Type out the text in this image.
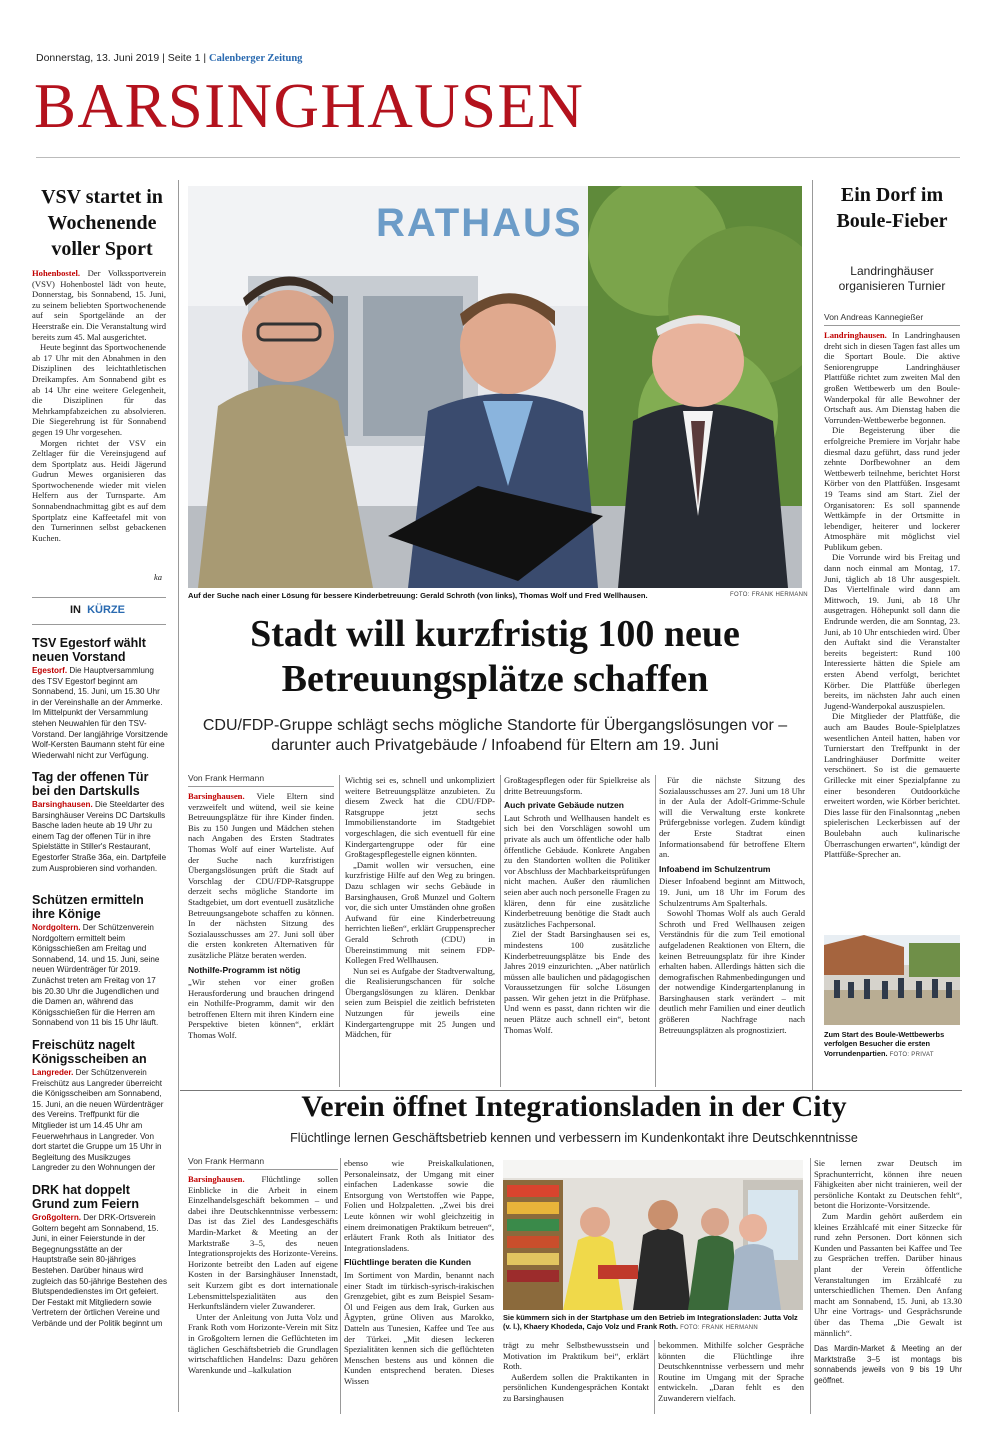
Donnerstag, 13. Juni 2019 | Seite 1 | Calenberger Zeitung
BARSINGHAUSEN
VSV startet in Wochenende voller Sport
Hohenbostel. Der Volkssportverein (VSV) Hohenbostel lädt von heute, Donnerstag, bis Sonnabend, 15. Juni, zu seinem beliebten Sportwochenende auf sein Sportgelände an der Heerstraße ein. Die Veranstaltung wird bereits zum 45. Mal ausgerichtet.
Heute beginnt das Sportwochenende ab 17 Uhr mit den Abnahmen in den Disziplinen des leichtathletischen Dreikampfes. Am Sonnabend gibt es ab 14 Uhr eine weitere Gelegenheit, die Disziplinen für das Mehrkampfabzeichen zu absolvieren. Die Siegerehrung ist für Sonnabend gegen 19 Uhr vorgesehen.
Morgen richtet der VSV ein Zeltlager für die Vereinsjugend auf dem Sportplatz aus. Heidi Jägerund Gudrun Mewes organisieren das Sportwochenende wieder mit vielen Helfern aus der Turnsparte. Am Sonnabendnachmittag gibt es auf dem Sportplatz eine Kaffeetafel mit von den Turnerinnen selbst gebackenen Kuchen.
ka
IN KÜRZE
TSV Egestorf wählt neuen Vorstand
Egestorf. Die Hauptversammlung des TSV Egestorf beginnt am Sonnabend, 15. Juni, um 15.30 Uhr in der Vereinshalle an der Ammerke. Im Mittelpunkt der Versammlung stehen Neuwahlen für den TSV-Vorstand. Der langjährige Vorsitzende Wolf-Kersten Baumann steht für eine Wiederwahl nicht zur Verfügung.
Tag der offenen Tür bei den Dartskulls
Barsinghausen. Die Steeldarter des Barsinghäuser Vereins DC Dartskulls Basche laden heute ab 19 Uhr zu einem Tag der offenen Tür in ihre Spielstätte in Stiller's Restaurant, Egestorfer Straße 36a, ein. Dartpfeile zum Ausprobieren sind vorhanden.
Schützen ermitteln ihre Könige
Nordgoltern. Der Schützenverein Nordgoltern ermittelt beim Königsschießen am Freitag und Sonnabend, 14. und 15. Juni, seine neuen Würdenträger für 2019. Zunächst treten am Freitag von 17 bis 20.30 Uhr die Jugendlichen und die Damen an, während das Königsschießen für die Herren am Sonnabend von 11 bis 15 Uhr läuft.
Freischütz nagelt Königsscheiben an
Langreder. Der Schützenverein Freischütz aus Langreder überreicht die Königsscheiben am Sonnabend, 15. Juni, an die neuen Würdenträger des Vereins. Treffpunkt für die Mitglieder ist um 14.45 Uhr am Feuerwehrhaus in Langreder. Von dort startet die Gruppe um 15 Uhr in Begleitung des Musikzuges Langreder zu den Wohnungen der
DRK hat doppelt Grund zum Feiern
Großgoltern. Der DRK-Ortsverein Goltern begeht am Sonnabend, 15. Juni, in einer Feierstunde in der Begegnungsstätte an der Hauptstraße sein 80-jähriges Bestehen. Darüber hinaus wird zugleich das 50-jährige Bestehen des Blutspendedienstes im Ort gefeiert. Der Festakt mit Mitgliedern sowie Vertretern der örtlichen Vereine und Verbände und der Politik beginnt um
RATHAUS
Auf der Suche nach einer Lösung für bessere Kinderbetreuung: Gerald Schroth (von links), Thomas Wolf und Fred Wellhausen.	FOTO: FRANK HERMANN
Stadt will kurzfristig 100 neue Betreuungsplätze schaffen
CDU/FDP-Gruppe schlägt sechs mögliche Standorte für Übergangslösungen vor – darunter auch Privatgebäude / Infoabend für Eltern am 19. Juni
Von Frank Hermann
Barsinghausen. Viele Eltern sind verzweifelt und wütend, weil sie keine Betreuungsplätze für ihre Kinder finden. Bis zu 150 Jungen und Mädchen stehen nach Angaben des Ersten Stadtrates Thomas Wolf auf einer Warteliste. Auf der Suche nach kurzfristigen Übergangslösungen prüft die Stadt auf Vorschlag der CDU/FDP-Ratsgruppe derzeit sechs mögliche Standorte im Stadtgebiet, um dort eventuell zusätzliche Betreuungsangebote schaffen zu können. In der nächsten Sitzung des Sozialausschusses am 27. Juni soll über die ersten konkreten Alternativen für zusätzliche Plätze beraten werden.
Nothilfe-Programm ist nötig
„Wir stehen vor einer großen Herausforderung und brauchen dringend ein Nothilfe-Programm, damit wir den betroffenen Eltern mit ihren Kindern eine Perspektive bieten können“, erklärt Thomas Wolf.
Wichtig sei es, schnell und unkompliziert weitere Betreuungsplätze anzubieten. Zu diesem Zweck hat die CDU/FDP-Ratsgruppe jetzt sechs Immobilienstandorte im Stadtgebiet vorgeschlagen, die sich eventuell für eine Kindergartengruppe oder für eine Großtagespflegestelle eignen könnten.
„Damit wollen wir versuchen, eine kurzfristige Hilfe auf den Weg zu bringen. Dazu schlagen wir sechs Gebäude in Barsinghausen, Groß Munzel und Goltern vor, die sich unter Umständen ohne großen Aufwand für eine Kinderbetreuung herrichten ließen“, erklärt Gruppensprecher Gerald Schroth (CDU) in Übereinstimmung mit seinem FDP-Kollegen Fred Wellhausen.
Nun sei es Aufgabe der Stadtverwaltung, die Realisierungschancen für solche Übergangslösungen zu klären. Denkbar seien zum Beispiel die zeitlich befristeten Nutzungen für jeweils eine Kindergartengruppe mit 25 Jungen und Mädchen, für
Großtagespflegen oder für Spielkreise als dritte Betreuungsform.
Auch private Gebäude nutzen
Laut Schroth und Wellhausen handelt es sich bei den Vorschlägen sowohl um private als auch um öffentliche oder halb öffentliche Gebäude. Konkrete Angaben zu den Standorten wollten die Politiker vor Abschluss der Machbarkeitsprüfungen nicht machen. Außer den räumlichen seien aber auch noch personelle Fragen zu klären, denn für eine zusätzliche Kinderbetreuung benötige die Stadt auch zusätzliches Fachpersonal.
Ziel der Stadt Barsinghausen sei es, mindestens 100 zusätzliche Kinderbetreuungsplätze bis Ende des Jahres 2019 einzurichten. „Aber natürlich müssen alle baulichen und pädagogischen Voraussetzungen für solche Lösungen passen. Wir gehen jetzt in die Prüfphase. Und wenn es passt, dann richten wir die neuen Plätze auch schnell ein“, betont Thomas Wolf.
Für die nächste Sitzung des Sozialausschusses am 27. Juni um 18 Uhr in der Aula der Adolf-Grimme-Schule will die Verwaltung erste konkrete Prüfergebnisse vorlegen. Zudem kündigt der Erste Stadtrat einen Informationsabend für betroffene Eltern an.
Infoabend im Schulzentrum
Dieser Infoabend beginnt am Mittwoch, 19. Juni, um 18 Uhr im Forum des Schulzentrums Am Spalterhals.
Sowohl Thomas Wolf als auch Gerald Schroth und Fred Wellhausen zeigen Verständnis für die zum Teil emotional aufgeladenen Reaktionen von Eltern, die keinen Betreuungsplatz für ihre Kinder erhalten haben. Allerdings hätten sich die demografischen Rahmenbedingungen und der notwendige Kindergartenplanung in Barsinghausen stark verändert – mit deutlich mehr Familien und einer deutlich größeren Nachfrage nach Betreuungsplätzen als prognostiziert.
Ein Dorf im Boule-Fieber
Landringhäuser organisieren Turnier
Von Andreas Kannegießer
Landringhausen. In Landringhausen dreht sich in diesen Tagen fast alles um die Sportart Boule. Die aktive Seniorengruppe Landringhäuser Plattfüße richtet zum zweiten Mal den großen Wettbewerb um den Boule-Wanderpokal für alle Bewohner der Ortschaft aus. Am Dienstag haben die Vorrunden-Wettbewerbe begonnen.
Die Begeisterung über die erfolgreiche Premiere im Vorjahr habe diesmal dazu geführt, dass rund jeder zehnte Dorfbewohner an dem Wettbewerb teilnehme, berichtet Horst Körber von den Plattfüßen. Insgesamt 19 Teams sind am Start. Ziel der Organisatoren: Es soll spannende Wettkämpfe in der Ortsmitte in lebendiger, heiterer und lockerer Atmosphäre mit möglichst viel Publikum geben.
Die Vorrunde wird bis Freitag und dann noch einmal am Montag, 17. Juni, täglich ab 18 Uhr ausgespielt. Das Viertelfinale wird dann am Mittwoch, 19. Juni, ab 18 Uhr ausgetragen. Höhepunkt soll dann die Endrunde werden, die am Sonntag, 23. Juni, ab 10 Uhr entschieden wird. Über den Auftakt sind die Veranstalter bereits begeistert: Rund 100 Interessierte hätten die Spiele am ersten Abend verfolgt, berichtet Körber. Die Plattfüße überlegen bereits, im nächsten Jahr auch einen Jugend-Wanderpokal auszuspielen.
Die Mitglieder der Plattfüße, die auch am Baudes Boule-Spielplatzes wesentlichen Anteil hatten, haben vor Turnierstart den Treffpunkt in der Landringhäuser Dorfmitte weiter verschönert. So ist die gemauerte Grillecke mit einer Spezialpfanne zu einer besonderen Outdoorküche erweitert worden, wie Körber berichtet. Dies lasse für den Finalsonntag „neben spielerischen Leckerbissen auf der Boulebahn auch kulinarische Überraschungen erwarten“, kündigt der Plattfüße-Sprecher an.
Zum Start des Boule-Wettbewerbs verfolgen Besucher die ersten Vorrundenpartien. FOTO: PRIVAT
Verein öffnet Integrationsladen in der City
Flüchtlinge lernen Geschäftsbetrieb kennen und verbessern im Kundenkontakt ihre Deutschkenntnisse
Von Frank Hermann
Barsinghausen. Flüchtlinge sollen Einblicke in die Arbeit in einem Einzelhandelsgeschäft bekommen – und dabei ihre Deutschkenntnisse verbessern: Das ist das Ziel des Landesgeschäfts Mardin-Market & Meeting an der Marktstraße 3–5, des neuen Integrationsprojekts des Horizonte-Vereins. Horizonte betreibt den Laden auf eigene Kosten in der Barsinghäuser Innenstadt, seit Kurzem gibt es dort internationale Lebensmittelspezialitäten aus den Herkunftsländern vieler Zuwanderer.
Unter der Anleitung von Jutta Volz und Frank Roth vom Horizonte-Verein mit Sitz in Großgoltern lernen die Geflüchteten im täglichen Geschäftsbetrieb die Grundlagen wirtschaftlichen Handelns: Dazu gehören Warenkunde und –kalkulation
ebenso wie Preiskalkulationen, Personaleinsatz, der Umgang mit einer einfachen Ladenkasse sowie die Entsorgung von Wertstoffen wie Pappe, Folien und Holzpaletten. „Zwei bis drei Leute können wir wohl gleichzeitig in einem dreimonatigen Praktikum betreuen“, erläutert Frank Roth als Initiator des Integrationsladens.
Flüchtlinge beraten die Kunden
Im Sortiment von Mardin, benannt nach einer Stadt im türkisch-syrisch-irakischen Grenzgebiet, gibt es zum Beispiel Sesam-Öl und Feigen aus dem Irak, Gurken aus Ägypten, grüne Oliven aus Marokko, Datteln aus Tunesien, Kaffee und Tee aus der Türkei. „Mit diesen leckeren Spezialitäten kennen sich die geflüchteten Menschen bestens aus und können die Kunden entsprechend beraten. Dieses Wissen
Sie kümmern sich in der Startphase um den Betrieb im Integrationsladen: Jutta Volz (v. l.), Khaery Khodeda, Cajo Volz und Frank Roth. FOTO: FRANK HERMANN
trägt zu mehr Selbstbewusstsein und Motivation im Praktikum bei“, erklärt Roth.
Außerdem sollen die Praktikanten in persönlichen Kundengesprächen Kontakt zu Barsinghausen
bekommen. Mithilfe solcher Gespräche könnten die Flüchtlinge ihre Deutschkenntnisse verbessern und mehr Routine im Umgang mit der Sprache entwickeln. „Daran fehlt es den Zuwanderern vielfach.
Sie lernen zwar Deutsch im Sprachunterricht, können ihre neuen Fähigkeiten aber nicht trainieren, weil der persönliche Kontakt zu Deutschen fehlt“, betont die Horizonte-Vorsitzende.
Zum Mardin gehört außerdem ein kleines Erzählcafé mit einer Sitzecke für rund zehn Personen. Dort können sich Kunden und Passanten bei Kaffee und Tee zu Gesprächen treffen. Darüber hinaus plant der Verein öffentliche Veranstaltungen im Erzählcafé zu unterschiedlichen Themen. Den Anfang macht am Sonnabend, 15. Juni, ab 13.30 Uhr eine Vortrags- und Gesprächsrunde über das Thema „Die Gewalt ist männlich“.
Das Mardin-Market & Meeting an der Marktstraße 3–5 ist montags bis sonnabends jeweils von 9 bis 19 Uhr geöffnet.
